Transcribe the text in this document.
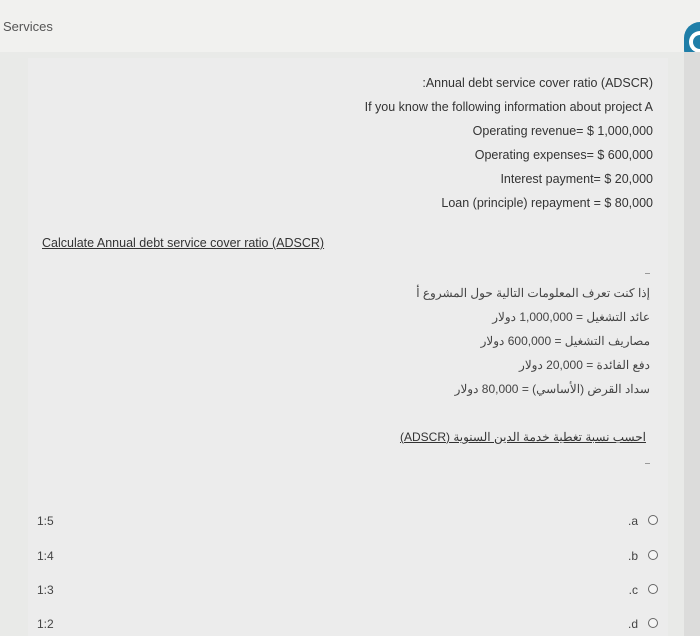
Services
:Annual debt service cover ratio (ADSCR)
If you know the following information about project A
Operating revenue= $ 1,000,000
Operating expenses= $ 600,000
Interest payment= $ 20,000
Loan (principle) repayment = $ 80,000
Calculate Annual debt service cover ratio (ADSCR)
إذا كنت تعرف المعلومات التالية حول المشروع أ
عائد التشغيل = 1,000,000 دولار
مصاريف التشغيل = 600,000 دولار
دفع الفائدة = 20,000 دولار
سداد القرض (الأساسي) = 80,000 دولار
احسب نسبة تغطية خدمة الدين السنوية (ADSCR)
1:5	.a
1:4	.b
1:3	.c
1:2	.d
